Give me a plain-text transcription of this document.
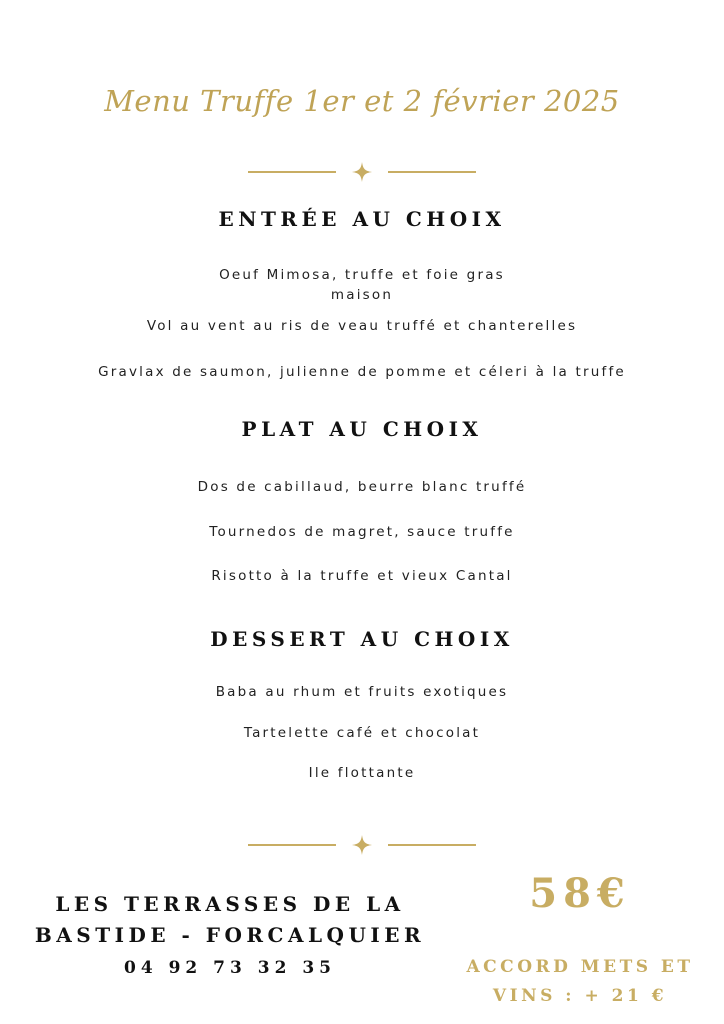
Menu Truffe 1er et 2 février 2025
ENTRÉE AU CHOIX
Oeuf Mimosa, truffe et foie gras
maison
Vol au vent au ris de veau truffé et chanterelles
Gravlax de saumon, julienne de pomme et céleri à la truffe
PLAT AU CHOIX
Dos de cabillaud, beurre blanc truffé
Tournedos de magret, sauce truffe
Risotto à la truffe et vieux Cantal
DESSERT AU CHOIX
Baba au rhum et fruits exotiques
Tartelette café et chocolat
Ile flottante
LES TERRASSES DE LA
BASTIDE - FORCALQUIER
04 92 73 32 35
58€
ACCORD METS ET
VINS : + 21 €
